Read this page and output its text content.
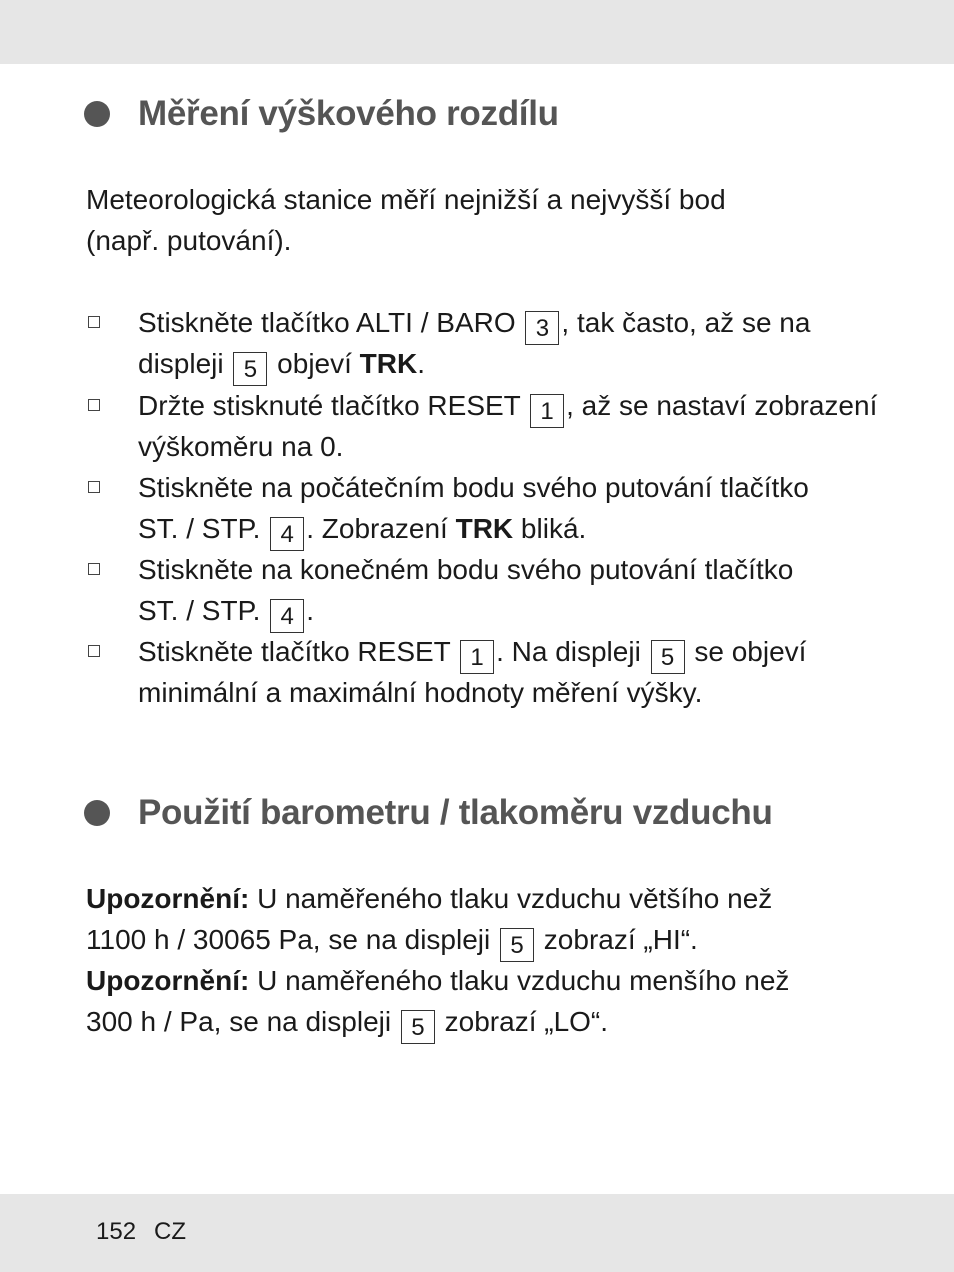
Měření výškového rozdílu
Meteorologická stanice měří nejnižší a nejvyšší bod
(např. putování).
Stiskněte tlačítko ALTI / BARO 3 , tak často, až se na
displeji 5 objeví TRK.
Držte stisknuté tlačítko RESET 1 , až se nastaví zobrazení
výškoměru na 0.
Stiskněte na počátečním bodu svého putování tlačítko
ST. / STP. 4 . Zobrazení TRK bliká.
Stiskněte na konečném bodu svého putování tlačítko
ST. / STP. 4 .
Stiskněte tlačítko RESET 1 . Na displeji 5 se objeví
minimální a maximální hodnoty měření výšky.
Použití barometru / tlakoměru vzduchu
Upozornění: U naměřeného tlaku vzduchu většího než
1100 h / 30065 Pa, se na displeji 5 zobrazí „HI“.
Upozornění: U naměřeného tlaku vzduchu menšího než
300 h / Pa, se na displeji 5 zobrazí „LO“.
152 CZ
